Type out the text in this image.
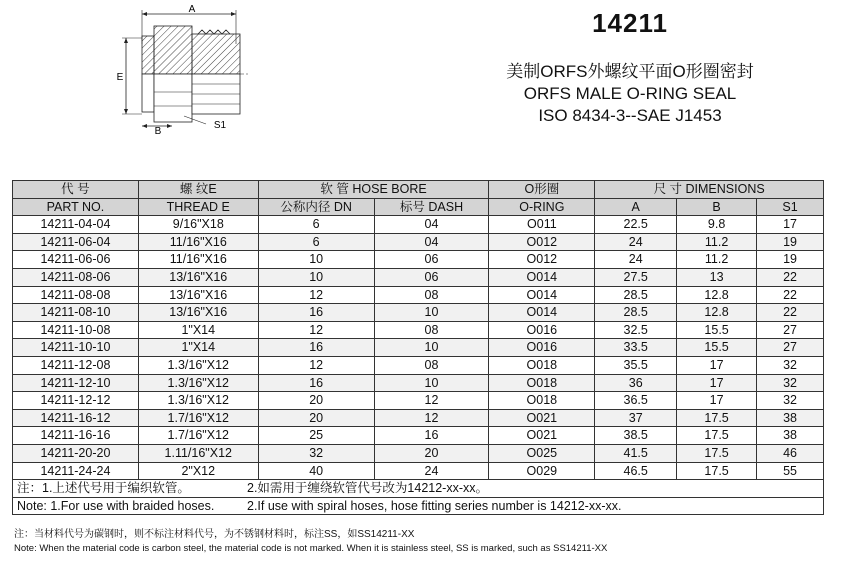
A
E
B
S1
14211
美制ORFS外螺纹平面O形圈密封
ORFS MALE O-RING SEAL
ISO 8434-3--SAE J1453
代 号	螺 纹E	软 管 HOSE BORE		O形圈	尺 寸 DIMENSIONS		
PART NO.	THREAD E	公称内径 DN	标号 DASH	O-RING	A	B	S1
14211-04-04	9/16"X18	6	04	O011	22.5	9.8	17
14211-06-04	11/16"X16	6	04	O012	24	11.2	19
14211-06-06	11/16"X16	10	06	O012	24	11.2	19
14211-08-06	13/16"X16	10	06	O014	27.5	13	22
14211-08-08	13/16"X16	12	08	O014	28.5	12.8	22
14211-08-10	13/16"X16	16	10	O014	28.5	12.8	22
14211-10-08	1"X14	12	08	O016	32.5	15.5	27
14211-10-10	1"X14	16	10	O016	33.5	15.5	27
14211-12-08	1.3/16"X12	12	08	O018	35.5	17	32
14211-12-10	1.3/16"X12	16	10	O018	36	17	32
14211-12-12	1.3/16"X12	20	12	O018	36.5	17	32
14211-16-12	1.7/16"X12	20	12	O021	37	17.5	38
14211-16-16	1.7/16"X12	25	16	O021	38.5	17.5	38
14211-20-20	1.11/16"X12	32	20	O025	41.5	17.5	46
14211-24-24	2"X12	40	24	O029	46.5	17.5	55
注：1.上述代号用于编织软管。 2.如需用于缠绕软管代号改为14212-xx-xx。							
Note: 1.For use with braided hoses. 2.If use with spiral hoses, hose fitting series number is 14212-xx-xx.							
注：当材料代号为碳钢时，则不标注材料代号，为不锈钢材料时，标注SS，如SS14211-XX
Note: When the material code is carbon steel, the material code is not marked. When it is stainless steel, SS is marked, such as SS14211-XX
